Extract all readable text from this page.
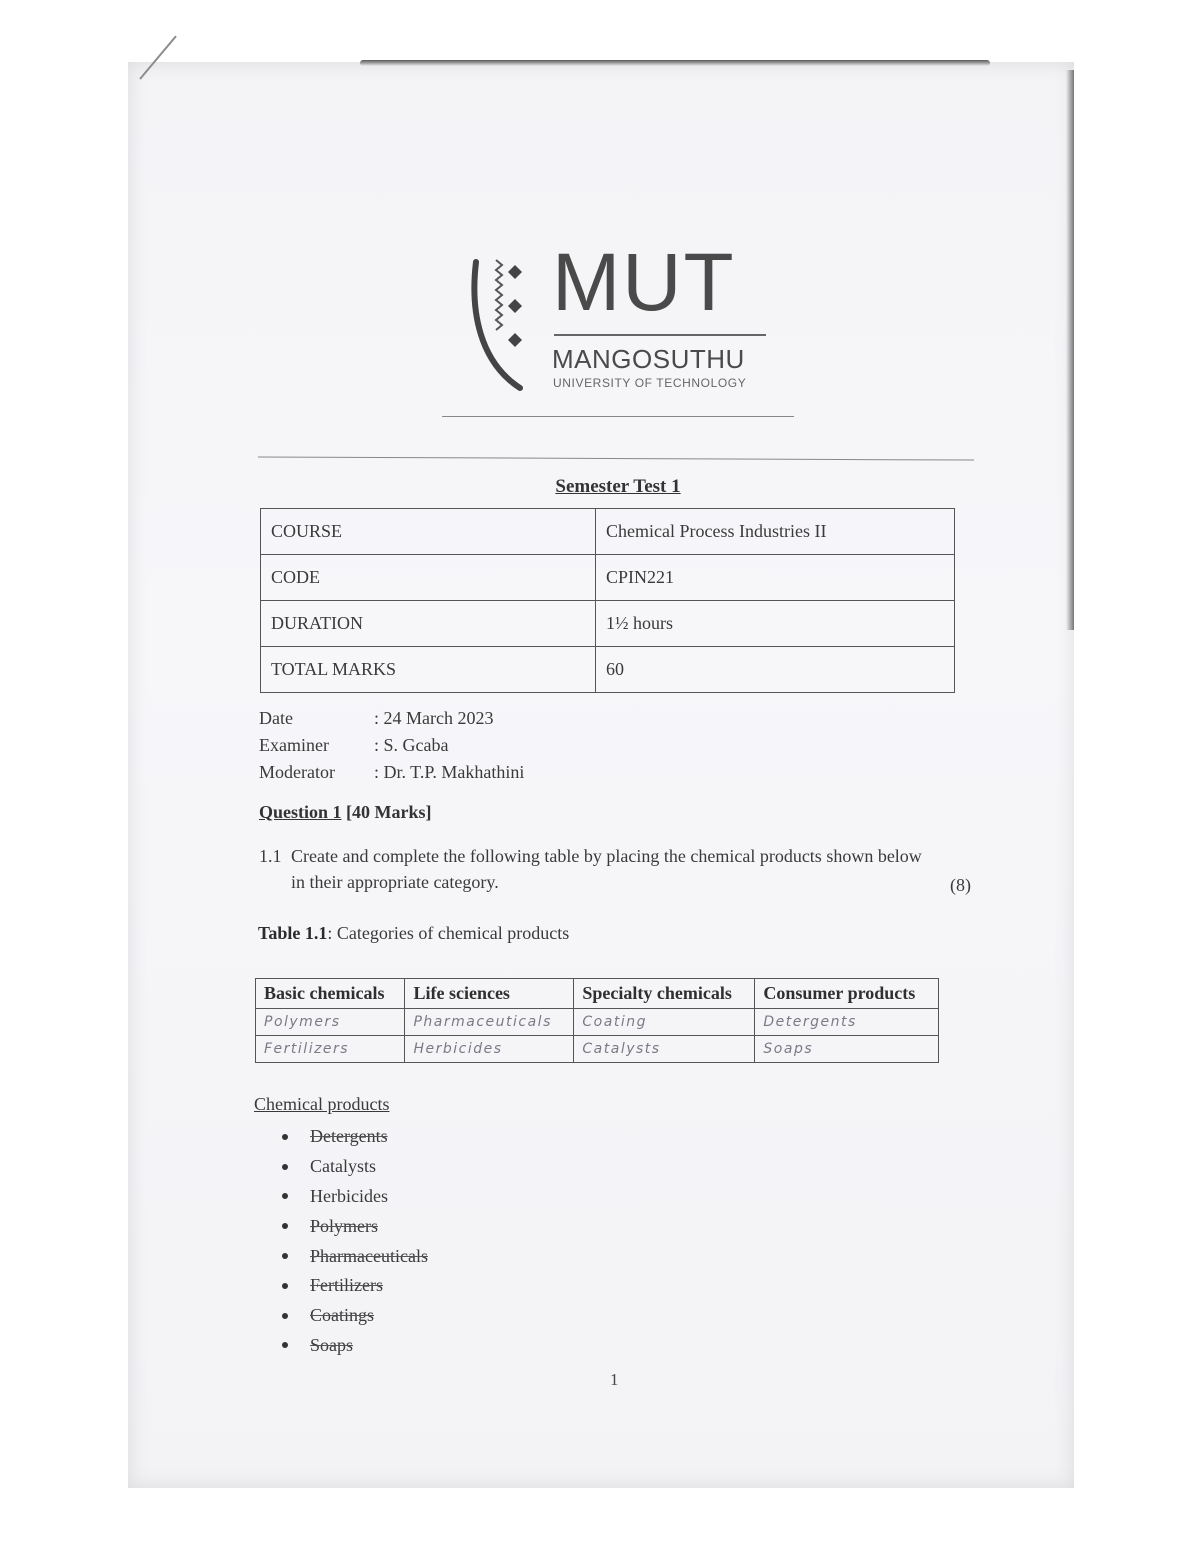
MUT
MANGOSUTHU
UNIVERSITY OF TECHNOLOGY
Semester Test 1
COURSE	Chemical Process Industries II
CODE	CPIN221
DURATION	1½ hours
TOTAL MARKS	60
Date	: 24 March 2023
Examiner	: S. Gcaba
Moderator	: Dr. T.P. Makhathini
Question 1 [40 Marks]
1.1 Create and complete the following table by placing the chemical products shown below in their appropriate category.	(8)
Table 1.1: Categories of chemical products
Basic chemicals	Life sciences	Specialty chemicals	Consumer products
Polymers	Pharmaceuticals	Coating	Detergents
Fertilizers	Herbicides	Catalysts	Soaps
Chemical products
Detergents
Catalysts
Herbicides
Polymers
Pharmaceuticals
Fertilizers
Coatings
Soaps
1
